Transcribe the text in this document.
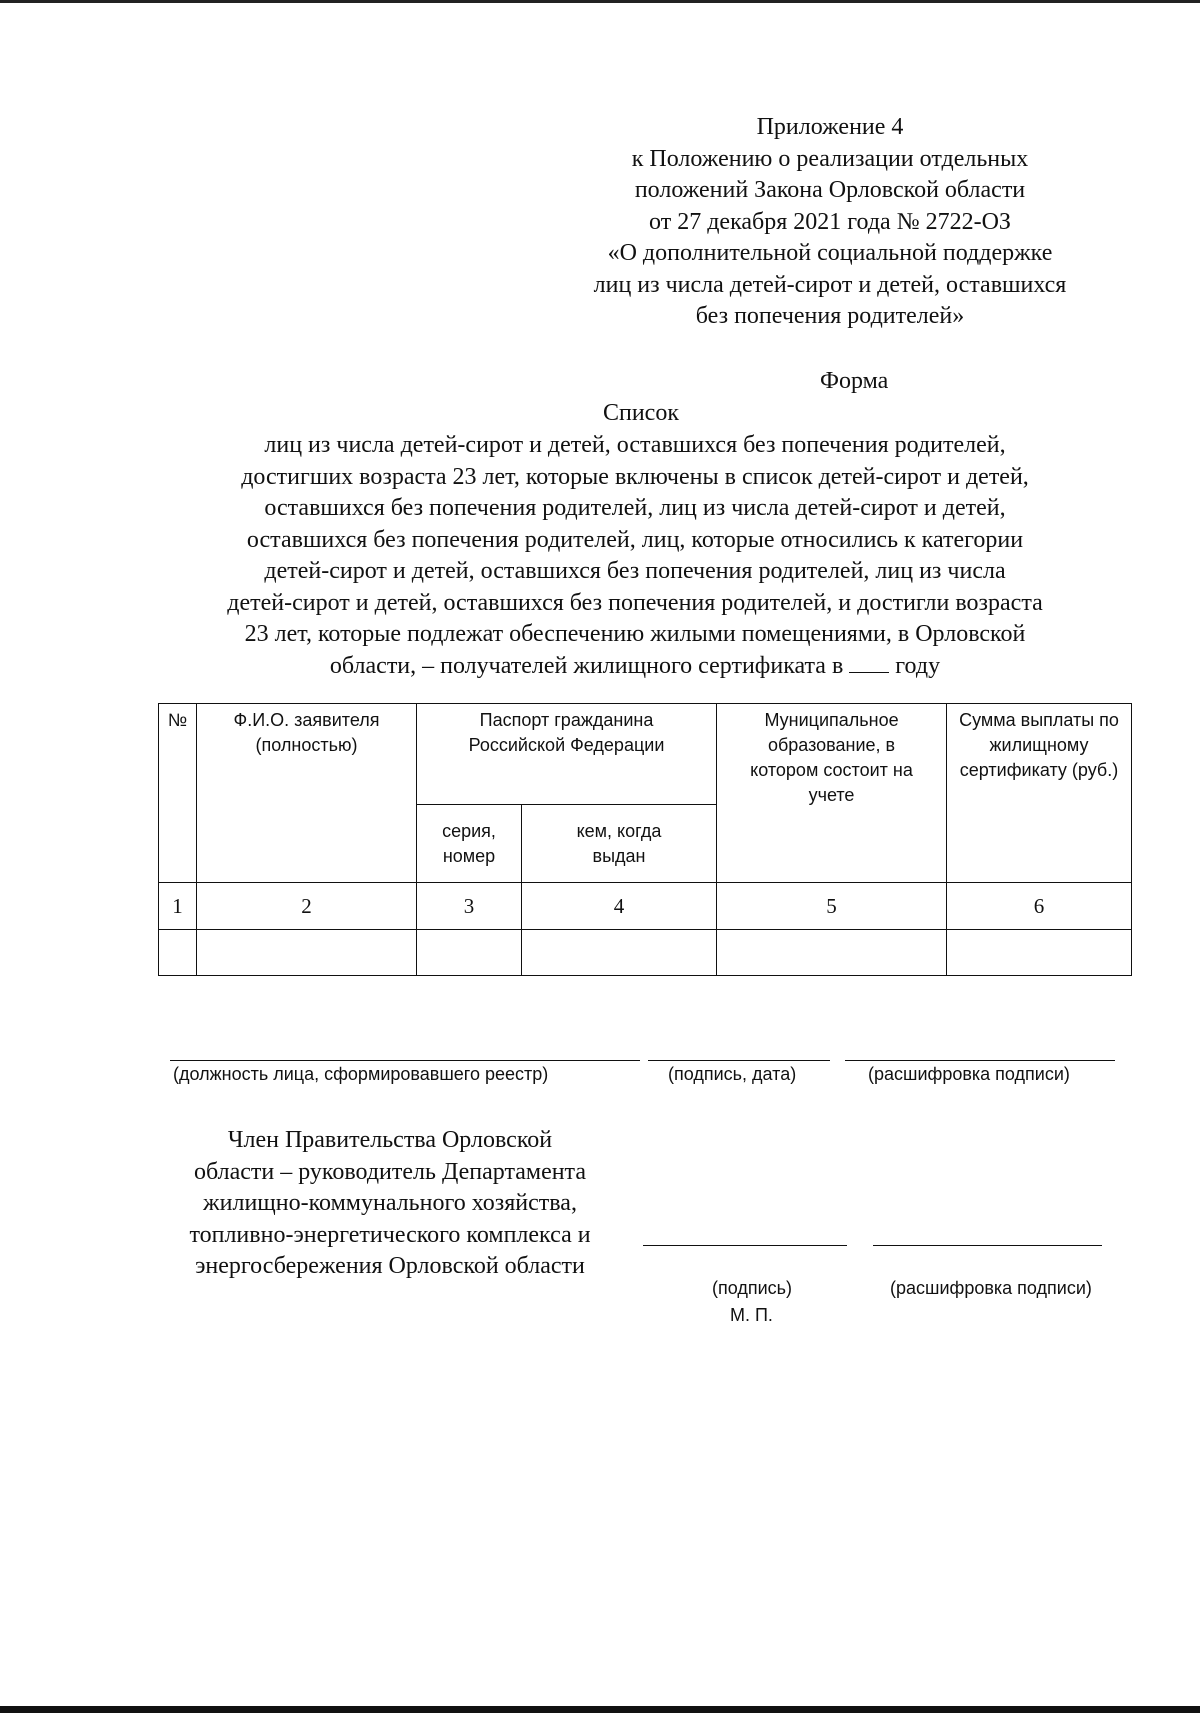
Приложение 4
к Положению о реализации отдельных
положений Закона Орловской области
от 27 декабря 2021 года № 2722-ОЗ
«О дополнительной социальной поддержке
лиц из числа детей-сирот и детей, оставшихся
без попечения родителей»
Форма
Список
лиц из числа детей-сирот и детей, оставшихся без попечения родителей,
достигших возраста 23 лет, которые включены в список детей-сирот и детей,
оставшихся без попечения родителей, лиц из числа детей-сирот и детей,
оставшихся без попечения родителей, лиц, которые относились к категории
детей-сирот и детей, оставшихся без попечения родителей, лиц из числа
детей-сирот и детей, оставшихся без попечения родителей, и достигли возраста
23 лет, которые подлежат обеспечению жилыми помещениями, в Орловской
области, – получателей жилищного сертификата в году
№	Ф.И.О. заявителя (полностью)	Паспорт гражданина Российской Федерации		Муниципальное образование, в котором состоит на учете	Сумма выплаты по жилищному сертификату (руб.)
		серия, номер	кем, когда выдан		
1	2	3	4	5	6

(должность лица, сформировавшего реестр)	(подпись, дата)	(расшифровка подписи)
Член Правительства Орловской
области – руководитель Департамента
жилищно-коммунального хозяйства,
топливно-энергетического комплекса и
энергосбережения Орловской области
(подпись)	(расшифровка подписи)
М. П.
